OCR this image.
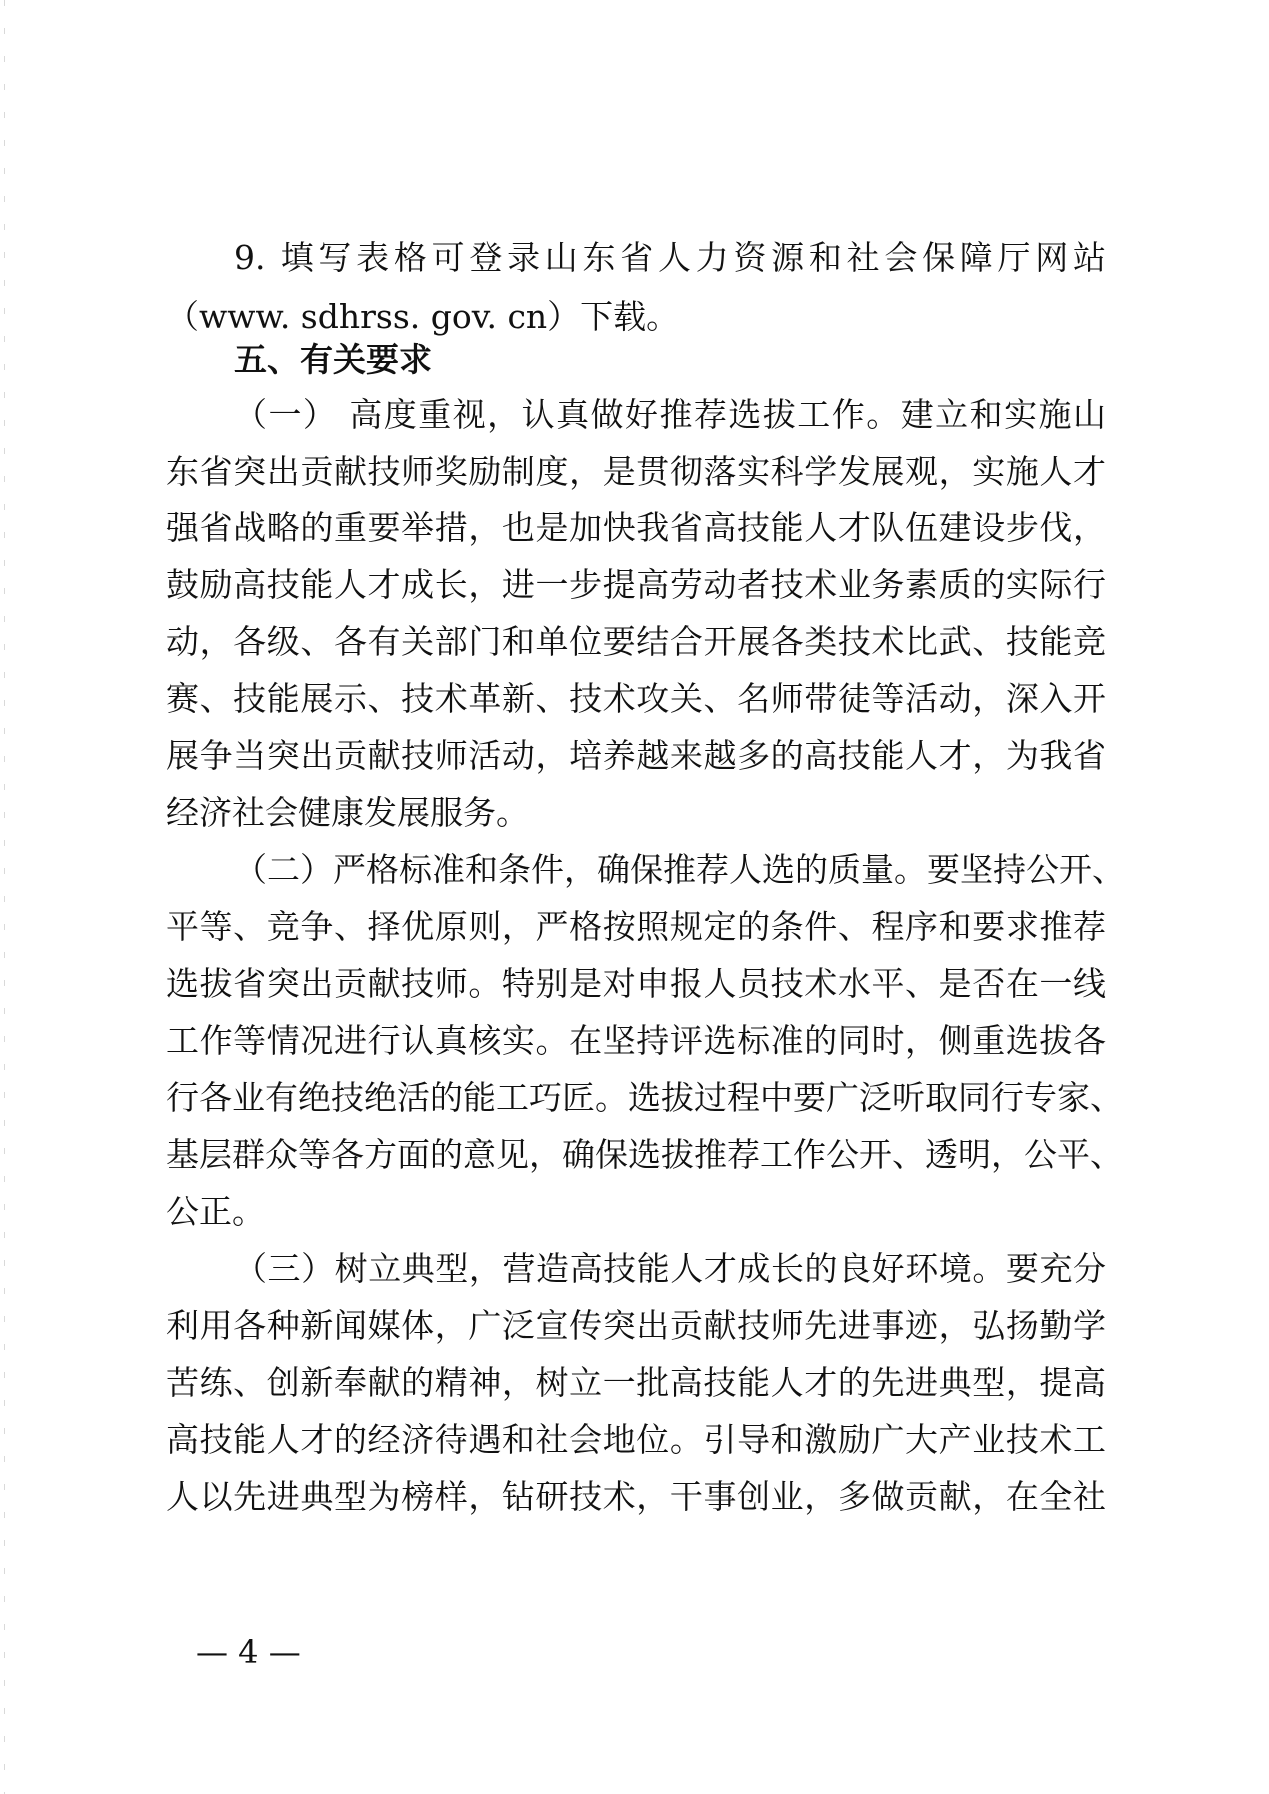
9. 填写表格可登录山东省人力资源和社会保障厅网站
（www. sdhrss. gov. cn）下载。
五、有关要求
（一） 高度重视，认真做好推荐选拔工作。建立和实施山
东省突出贡献技师奖励制度，是贯彻落实科学发展观，实施人才
强省战略的重要举措，也是加快我省高技能人才队伍建设步伐，
鼓励高技能人才成长，进一步提高劳动者技术业务素质的实际行
动，各级、各有关部门和单位要结合开展各类技术比武、技能竞
赛、技能展示、技术革新、技术攻关、名师带徒等活动，深入开
展争当突出贡献技师活动，培养越来越多的高技能人才，为我省
经济社会健康发展服务。
（二）严格标准和条件，确保推荐人选的质量。要坚持公开、
平等、竞争、择优原则，严格按照规定的条件、程序和要求推荐
选拔省突出贡献技师。特别是对申报人员技术水平、是否在一线
工作等情况进行认真核实。在坚持评选标准的同时，侧重选拔各
行各业有绝技绝活的能工巧匠。选拔过程中要广泛听取同行专家、
基层群众等各方面的意见，确保选拔推荐工作公开、透明，公平、
公正。
（三）树立典型，营造高技能人才成长的良好环境。要充分
利用各种新闻媒体，广泛宣传突出贡献技师先进事迹，弘扬勤学
苦练、创新奉献的精神，树立一批高技能人才的先进典型，提高
高技能人才的经济待遇和社会地位。引导和激励广大产业技术工
人以先进典型为榜样，钻研技术，干事创业，多做贡献，在全社
— 4 —
